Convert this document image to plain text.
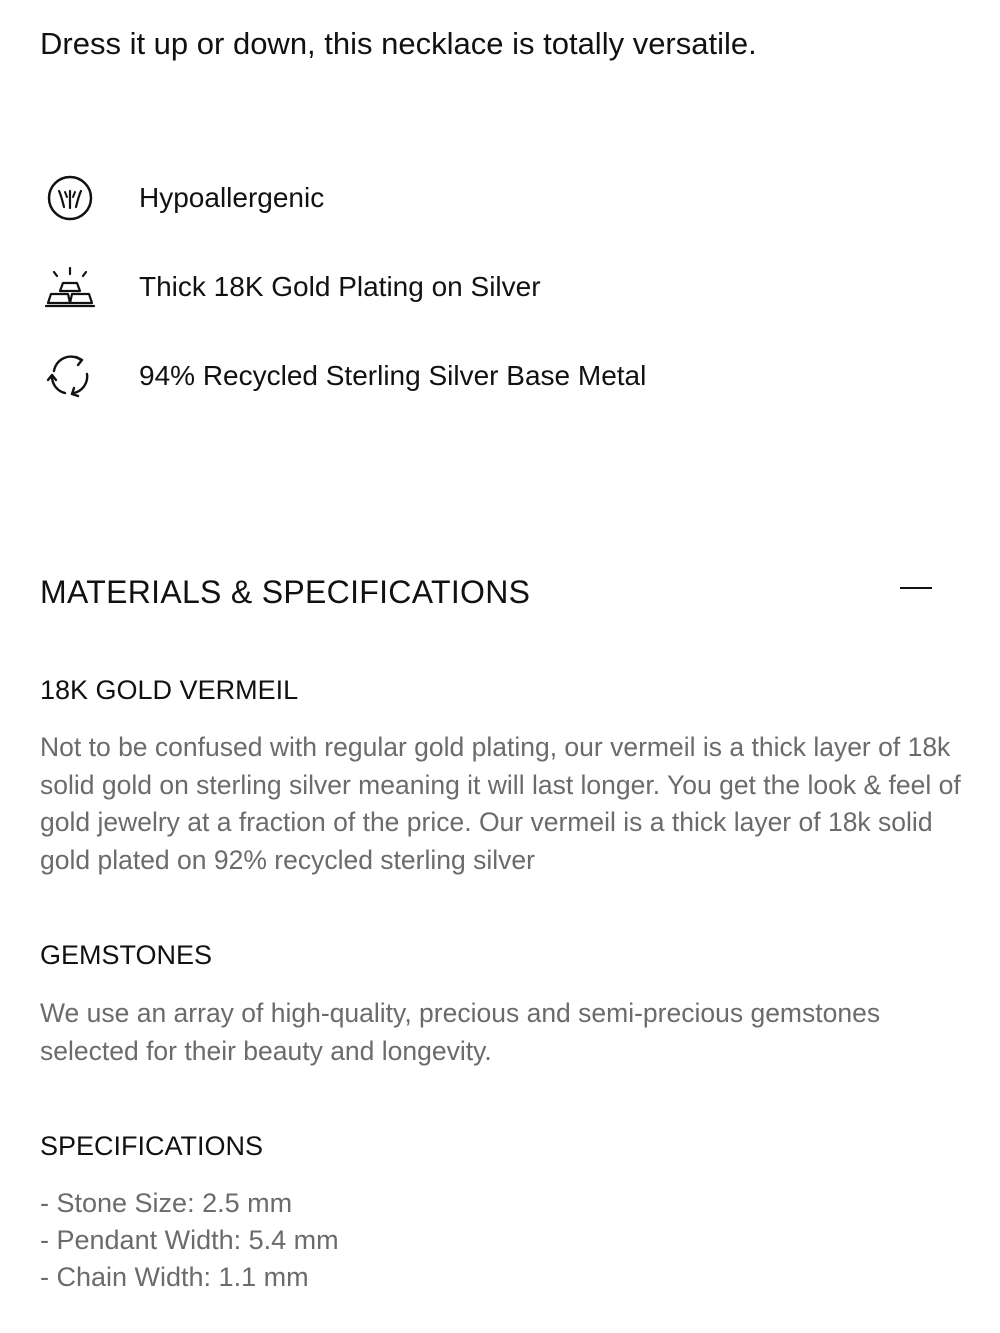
Dress it up or down, this necklace is totally versatile.
Hypoallergenic
Thick 18K Gold Plating on Silver
94% Recycled Sterling Silver Base Metal
MATERIALS & SPECIFICATIONS
18K GOLD VERMEIL
Not to be confused with regular gold plating, our vermeil is a thick layer of 18k solid gold on sterling silver meaning it will last longer. You get the look & feel of gold jewelry at a fraction of the price. Our vermeil is a thick layer of 18k solid gold plated on 92% recycled sterling silver
GEMSTONES
We use an array of high-quality, precious and semi-precious gemstones selected for their beauty and longevity.
SPECIFICATIONS
- Stone Size: 2.5 mm
- Pendant Width: 5.4 mm
- Chain Width: 1.1 mm
